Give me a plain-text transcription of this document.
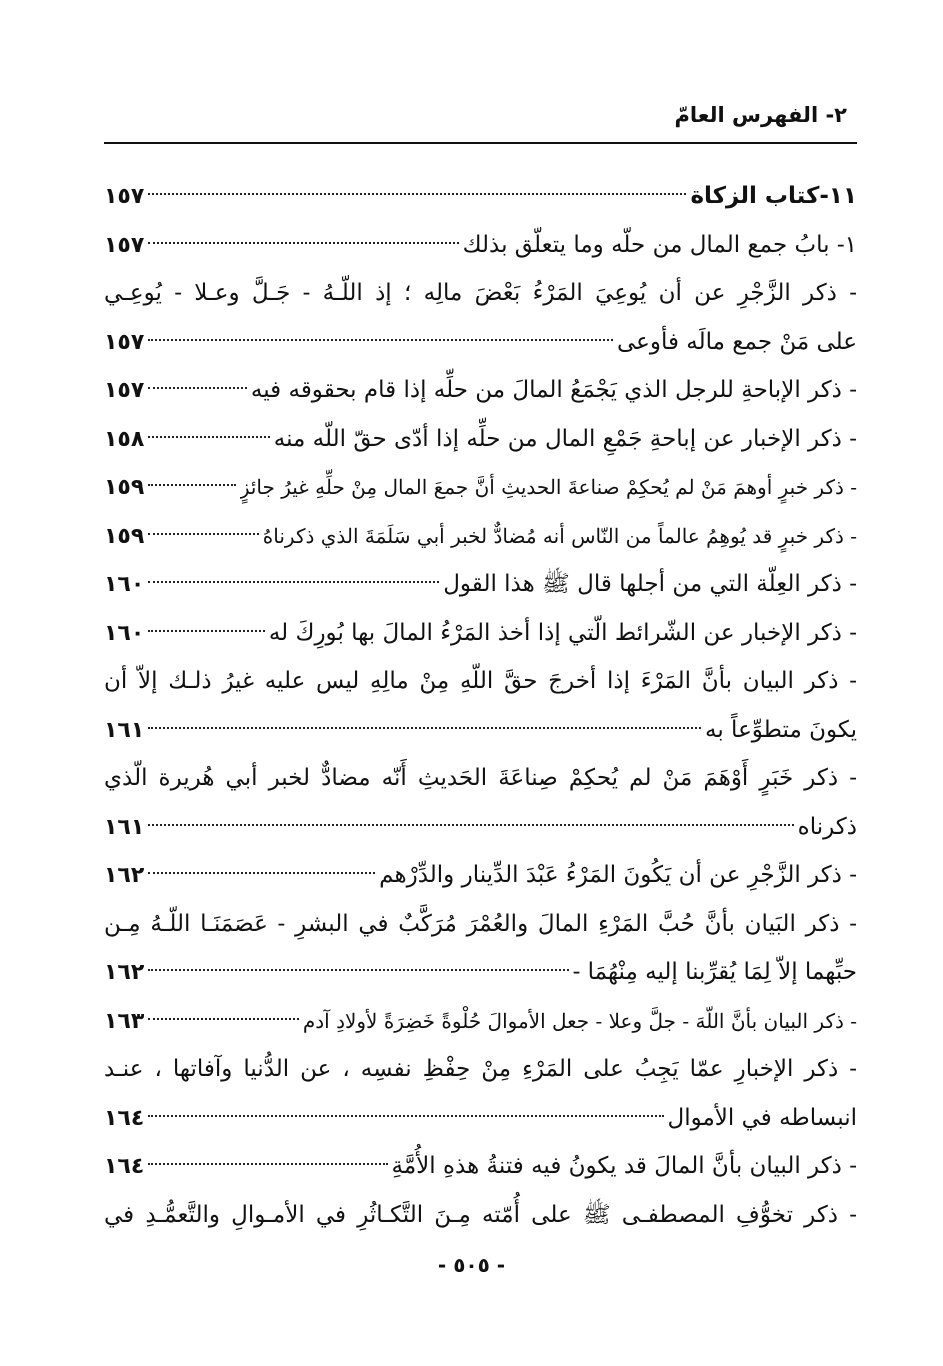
٢- الفهرس العامّ
١١-كتاب الزكاة
١٥٧
١- بابُ جمع المال من حلّه وما يتعلّق بذلك
١٥٧
- ذكر الزَّجْرِ عن أن يُوعِيَ المَرْءُ بَعْضَ مالِه ؛ إذ اللّـهُ - جَـلَّ وعـلا - يُوعِـي
على مَنْ جمع مالَه فأوعى
١٥٧
- ذكر الإباحةِ للرجل الذي يَجْمَعُ المالَ من حلِّه إذا قام بحقوقه فيه
١٥٧
- ذكر الإخبار عن إباحةِ جَمْعِ المال من حلِّه إذا أدّى حقّ اللّه منه
١٥٨
- ذكر خبرٍ أوهمَ مَنْ لم يُحكِمْ صناعةَ الحديثِ أنَّ جمعَ المال مِنْ حلِّهِ غيرُ جائزٍ
١٥٩
- ذكر خبرٍ قد يُوهِمُ عالماً من النّاس أنه مُضادٌّ لخبر أبي سَلَمَةَ الذي ذكرناهُ
١٥٩
- ذكر العِلّة التي من أجلها قال ﷺ هذا القول
١٦٠
- ذكر الإخبار عن الشّرائط الّتي إذا أخذ المَرْءُ المالَ بها بُورِكَ له
١٦٠
- ذكر البيان بأنَّ المَرْءَ إذا أخرجَ حقَّ اللّهِ مِنْ مالِهِ ليس عليه غيرُ ذلـك إلاّ أن
يكونَ متطوِّعاً به
١٦١
- ذكر خَبَرٍ أَوْهَمَ مَنْ لم يُحكِمْ صِناعَةَ الحَديثِ أَنّه مضادٌّ لخبر أبي هُريرة الّذي
ذكرناه
١٦١
- ذكر الزَّجْرِ عن أن يَكُونَ المَرْءُ عَبْدَ الدِّينار والدِّرْهم
١٦٢
- ذكر البَيان بأنَّ حُبَّ المَرْءِ المالَ والعُمْرَ مُرَكَّبٌ في البشرِ - عَصَمَنَـا اللّـهُ مِـن
حبِّهما إلاّ لِمَا يُقرِّبنا إليه مِنْهُمَا -
١٦٢
- ذكر البيان بأنَّ اللّهَ - جلَّ وعلا - جعل الأموالَ حُلْوةً خَضِرَةً لأولادِ آدم
١٦٣
- ذكر الإخبارِ عمّا يَجِبُ على المَرْءِ مِنْ حِفْظِ نفسِه ، عن الدُّنيا وآفاتها ، عنـد
انبساطه في الأموال
١٦٤
- ذكر البيان بأنَّ المالَ قد يكونُ فيه فتنةُ هذهِ الأُمَّةِ
١٦٤
- ذكر تخوُّفِ المصطفـى ﷺ على أُمّته مِـنَ التَّكـاثُرِ في الأمـوالِ والتَّعمُّـدِ في
- ٥٠٥ -
